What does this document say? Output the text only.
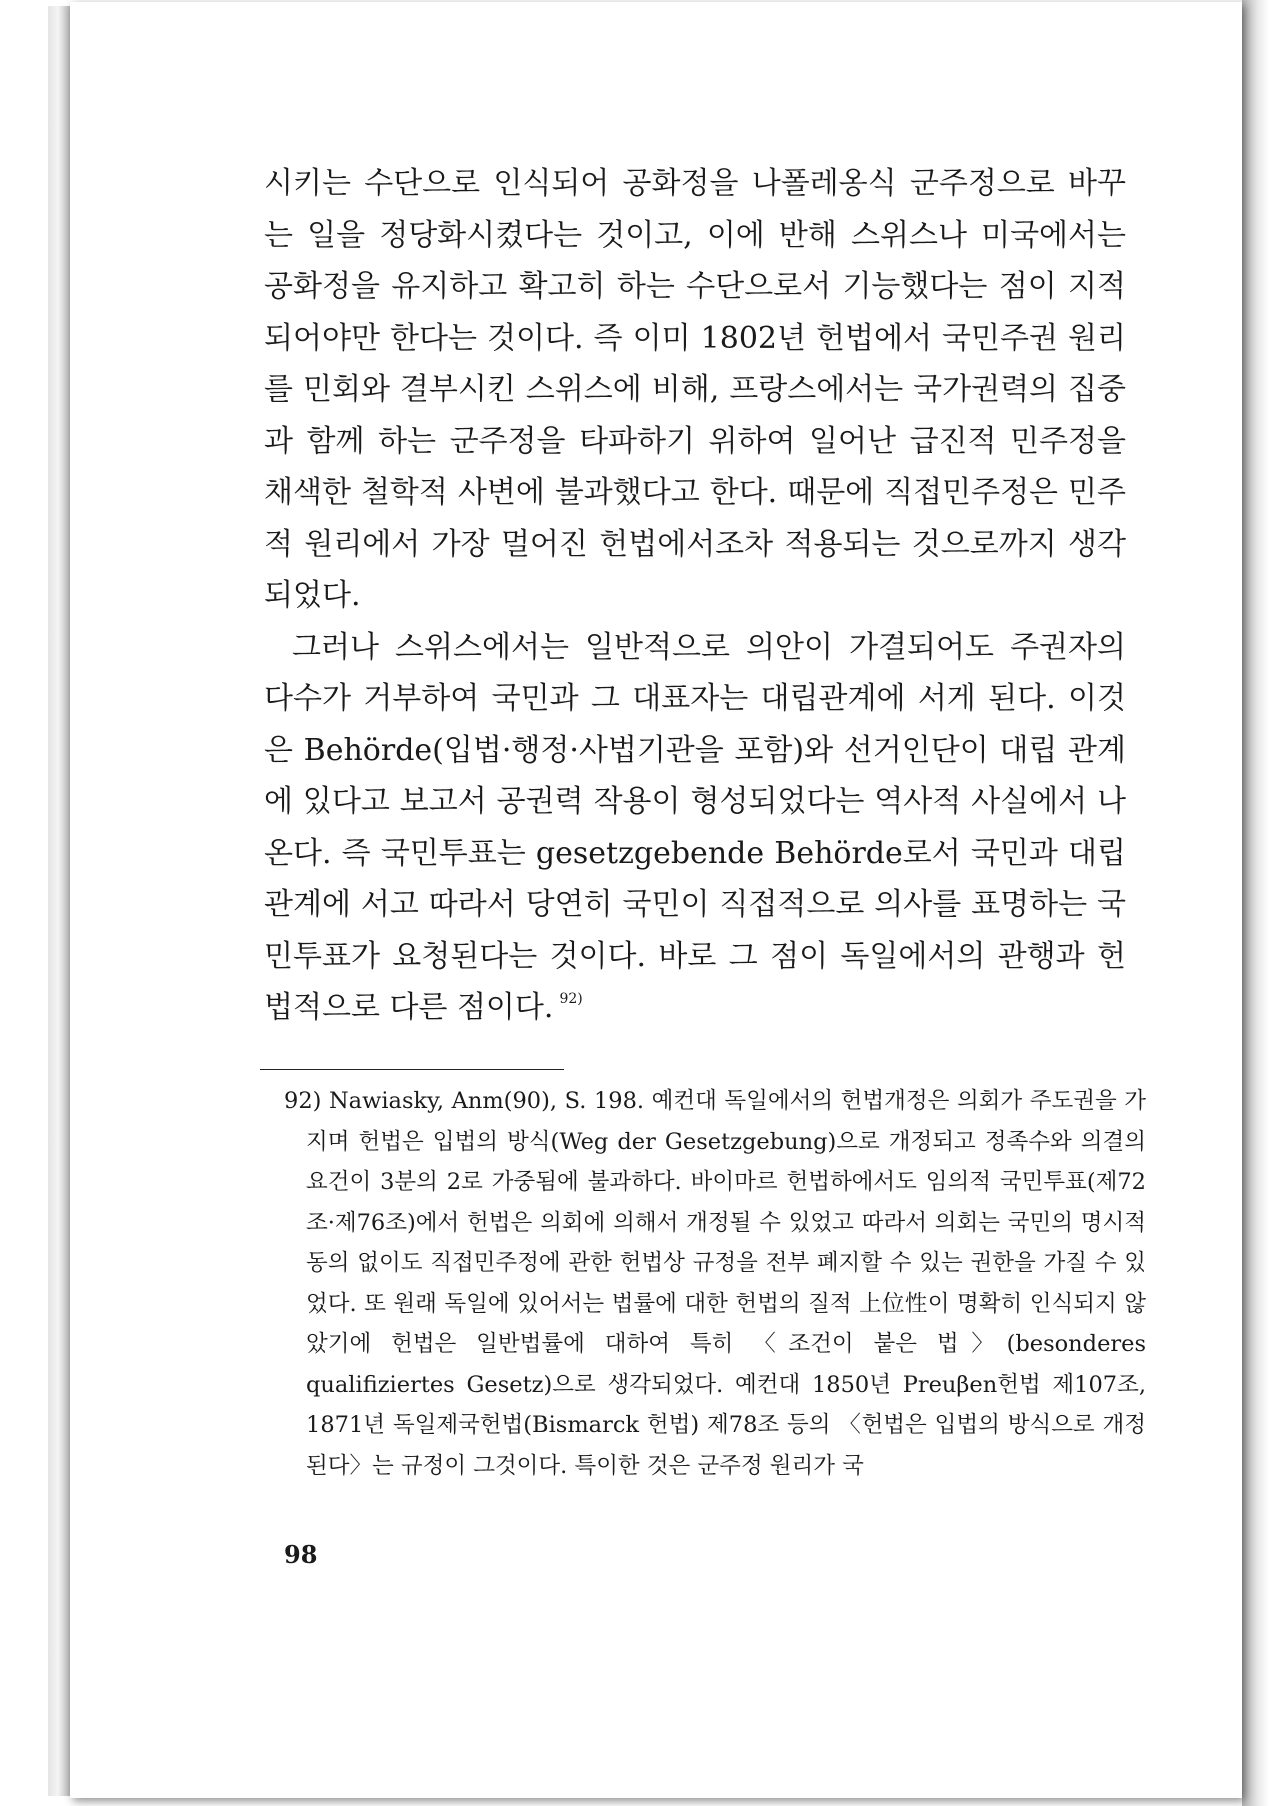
시키는 수단으로 인식되어 공화정을 나폴레옹식 군주정으로 바꾸는 일을 정당화시켰다는 것이고, 이에 반해 스위스나 미국에서는 공화정을 유지하고 확고히 하는 수단으로서 기능했다는 점이 지적되어야만 한다는 것이다. 즉 이미 1802년 헌법에서 국민주권 원리를 민회와 결부시킨 스위스에 비해, 프랑스에서는 국가권력의 집중과 함께 하는 군주정을 타파하기 위하여 일어난 급진적 민주정을 채색한 철학적 사변에 불과했다고 한다. 때문에 직접민주정은 민주적 원리에서 가장 멀어진 헌법에서조차 적용되는 것으로까지 생각되었다.

그러나 스위스에서는 일반적으로 의안이 가결되어도 주권자의 다수가 거부하여 국민과 그 대표자는 대립관계에 서게 된다. 이것은 Behörde(입법·행정·사법기관을 포함)와 선거인단이 대립 관계에 있다고 보고서 공권력 작용이 형성되었다는 역사적 사실에서 나온다. 즉 국민투표는 gesetzgebende Behörde로서 국민과 대립관계에 서고 따라서 당연히 국민이 직접적으로 의사를 표명하는 국민투표가 요청된다는 것이다. 바로 그 점이 독일에서의 관행과 헌법적으로 다른 점이다. $^{92)}$

92) Nawiasky, Anm(90), S. 198. 예컨대 독일에서의 헌법개정은 의회가 주도권을 가지며 헌법은 입법의 방식(Weg der Gesetzgebung)으로 개정되고 정족수와 의결의 요건이 3분의 2로 가중됨에 불과하다. 바이마르 헌법하에서도 임의적 국민투표(제72조·제76조)에서 헌법은 의회에 의해서 개정될 수 있었고 따라서 의회는 국민의 명시적 동의 없이도 직접민주정에 관한 헌법상 규정을 전부 폐지할 수 있는 권한을 가질 수 있었다. 또 원래 독일에 있어서는 법률에 대한 헌법의 질적 上位性이 명확히 인식되지 않았기에 헌법은 일반법률에 대하여 특히 〈조건이 붙은 법〉(besonderes qualifiziertes Gesetz)으로 생각되었다. 예컨대 1850년 Preuβen헌법 제107조, 1871년 독일제국헌법(Bismarck 헌법) 제78조 등의 〈헌법은 입법의 방식으로 개정된다〉는 규정이 그것이다. 특이한 것은 군주정 원리가 국
98
